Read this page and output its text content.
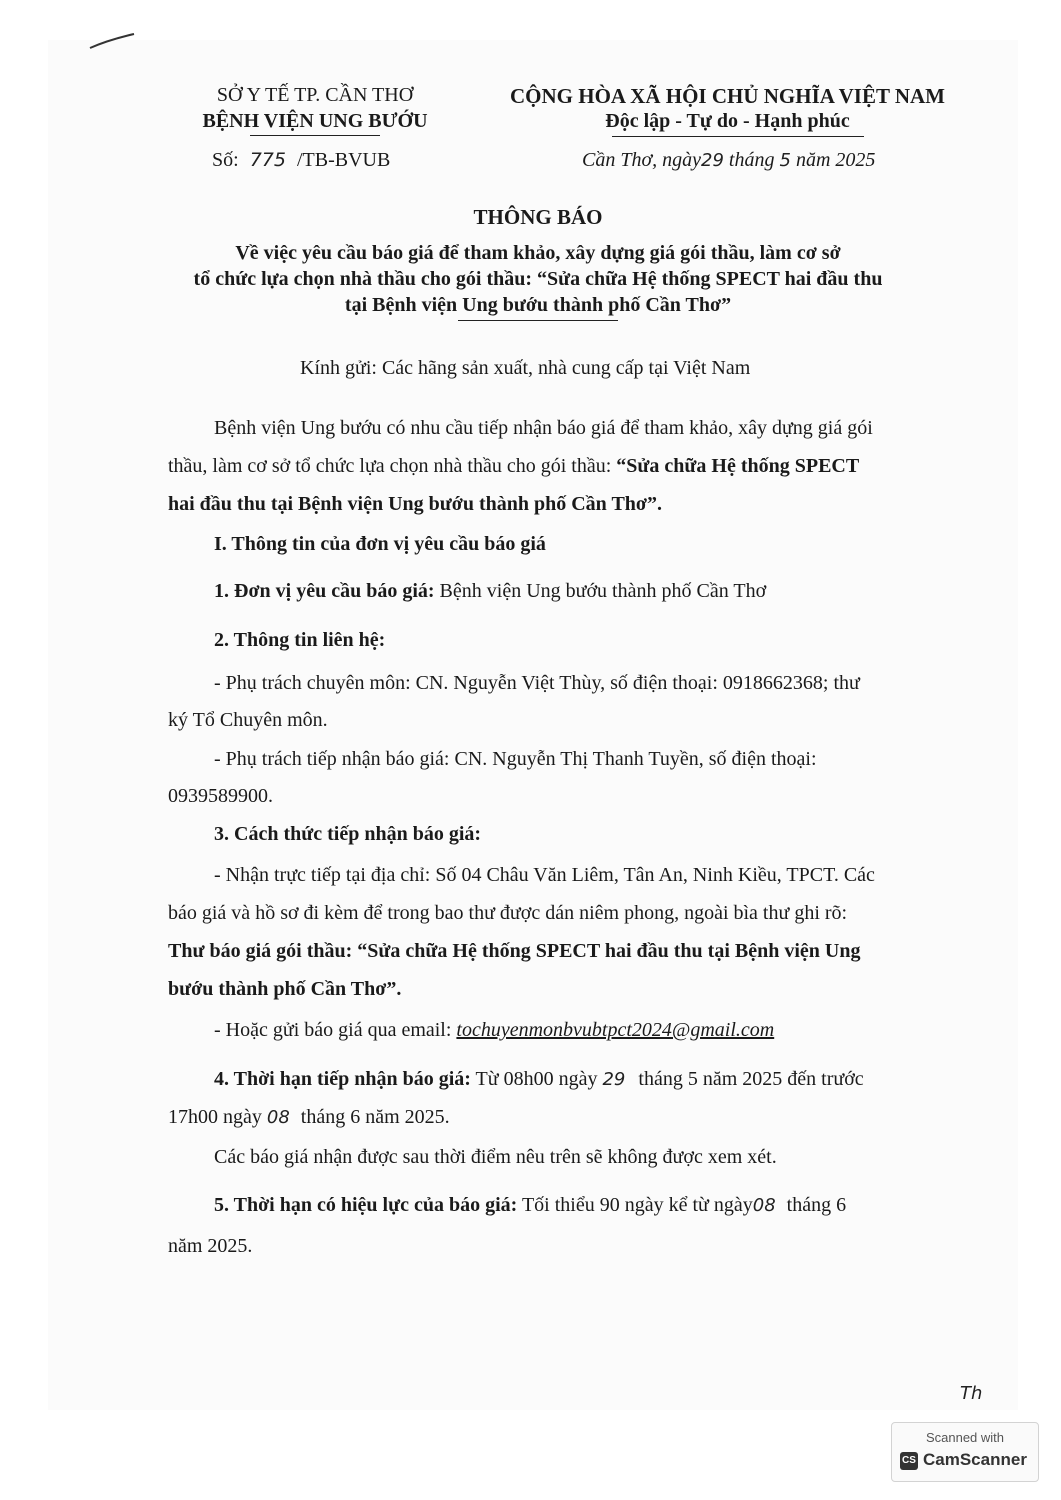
SỞ Y TẾ TP. CẦN THƠ
BỆNH VIỆN UNG BƯỚU
Số: 775 /TB-BVUB
CỘNG HÒA XÃ HỘI CHỦ NGHĨA VIỆT NAM
Độc lập - Tự do - Hạnh phúc
Cần Thơ, ngày29 tháng 5 năm 2025
THÔNG BÁO
Về việc yêu cầu báo giá để tham khảo, xây dựng giá gói thầu, làm cơ sở
tổ chức lựa chọn nhà thầu cho gói thầu: “Sửa chữa Hệ thống SPECT hai đầu thu
tại Bệnh viện Ung bướu thành phố Cần Thơ”
Kính gửi: Các hãng sản xuất, nhà cung cấp tại Việt Nam
Bệnh viện Ung bướu có nhu cầu tiếp nhận báo giá để tham khảo, xây dựng giá gói
thầu, làm cơ sở tổ chức lựa chọn nhà thầu cho gói thầu: “Sửa chữa Hệ thống SPECT
hai đầu thu tại Bệnh viện Ung bướu thành phố Cần Thơ”.
I. Thông tin của đơn vị yêu cầu báo giá
1. Đơn vị yêu cầu báo giá: Bệnh viện Ung bướu thành phố Cần Thơ
2. Thông tin liên hệ:
- Phụ trách chuyên môn: CN. Nguyễn Việt Thùy, số điện thoại: 0918662368; thư
ký Tổ Chuyên môn.
- Phụ trách tiếp nhận báo giá: CN. Nguyễn Thị Thanh Tuyền, số điện thoại:
0939589900.
3. Cách thức tiếp nhận báo giá:
- Nhận trực tiếp tại địa chỉ: Số 04 Châu Văn Liêm, Tân An, Ninh Kiều, TPCT. Các
báo giá và hồ sơ đi kèm để trong bao thư được dán niêm phong, ngoài bìa thư ghi rõ:
Thư báo giá gói thầu: “Sửa chữa Hệ thống SPECT hai đầu thu tại Bệnh viện Ung
bướu thành phố Cần Thơ”.
- Hoặc gửi báo giá qua email: tochuyenmonbvubtpct2024@gmail.com
4. Thời hạn tiếp nhận báo giá: Từ 08h00 ngày 29 tháng 5 năm 2025 đến trước
17h00 ngày 08 tháng 6 năm 2025.
Các báo giá nhận được sau thời điểm nêu trên sẽ không được xem xét.
5. Thời hạn có hiệu lực của báo giá: Tối thiểu 90 ngày kể từ ngày08 tháng 6
năm 2025.
Th
Scanned with
CS CamScanner
